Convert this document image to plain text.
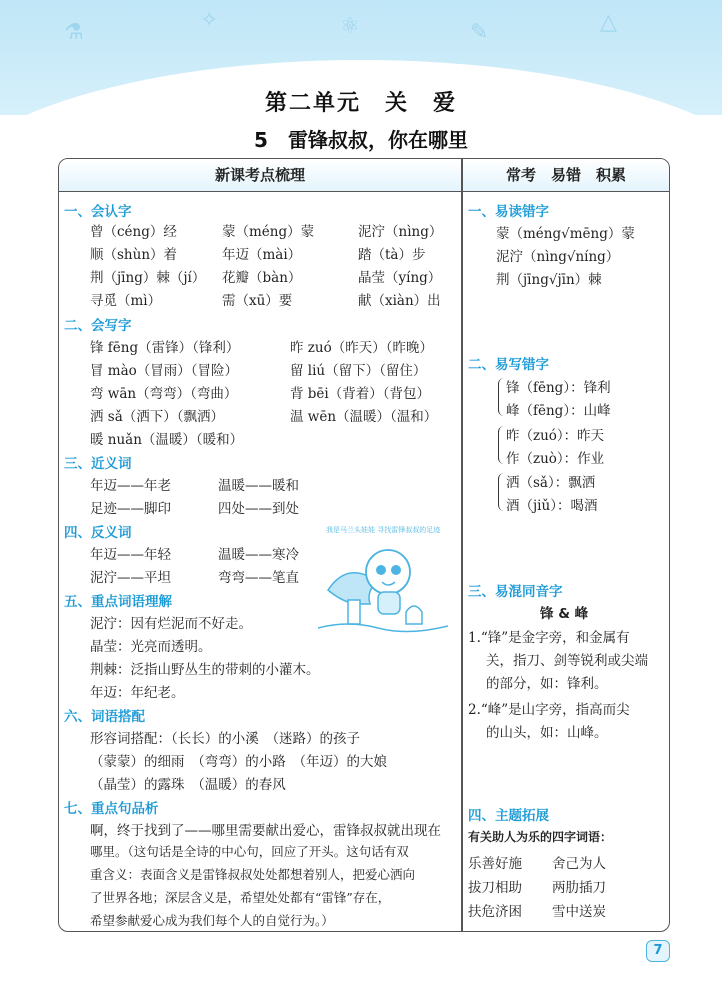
⚗	✧	⚛	✎	△
第二单元　关　爱
5　雷锋叔叔，你在哪里
新课考点梳理	常考　易错　积累
一、会认字
曾（céng）经	蒙（méng）蒙	泥泞（nìng）
顺（shùn）着	年迈（mài）	踏（tà）步
荆（jīng）棘（jí） 花瓣（bàn）	晶莹（yíng）
寻觅（mì）	需（xū）要	献（xiàn）出
二、会写字
锋 fēng（雷锋）（锋利）	昨 zuó（昨天）（昨晚）
冒 mào（冒雨）（冒险）	留 liú（留下）（留住）
弯 wān（弯弯）（弯曲）	背 bēi（背着）（背包）
洒 sǎ（洒下）（飘洒）	温 wēn（温暖）（温和）
暖 nuǎn（温暖）（暖和）
三、近义词
年迈——年老	温暖——暖和
足迹——脚印	四处——到处
四、反义词
年迈——年轻	温暖——寒冷
泥泞——平坦	弯弯——笔直
五、重点词语理解
泥泞：因有烂泥而不好走。
晶莹：光亮而透明。
荆棘：泛指山野丛生的带刺的小灌木。
年迈：年纪老。
六、词语搭配
形容词搭配：（长长）的小溪　（迷路）的孩子
（蒙蒙）的细雨　（弯弯）的小路　（年迈）的大娘
（晶莹）的露珠　（温暖）的春风
七、重点句品析
啊，终于找到了——哪里需要献出爱心，雷锋叔叔就出现在
哪里。（这句话是全诗的中心句，回应了开头。这句话有双
重含义：表面含义是雷锋叔叔处处都想着别人，把爱心洒向
了世界各地；深层含义是，希望处处都有“雷锋”存在，
希望参献爱心成为我们每个人的自觉行为。）
我是马兰头娃娃 寻找雷锋叔叔的足迹
一、易读错字
蒙（méng√mēng）蒙
泥泞（nìng√níng）
荆（jīng√jīn）棘
二、易写错字
锋（fēng）：锋利
峰（fēng）：山峰
昨（zuó）：昨天
作（zuò）：作业
洒（sǎ）：飘洒
酒（jiǔ）：喝酒
三、易混同音字
锋 & 峰
1.“锋”是金字旁，和金属有
关，指刀、剑等锐利或尖端
的部分，如：锋利。
2.“峰”是山字旁，指高而尖
的山头，如：山峰。
四、主题拓展
有关助人为乐的四字词语：
乐善好施 舍己为人
拔刀相助 两肋插刀
扶危济困 雪中送炭
7
